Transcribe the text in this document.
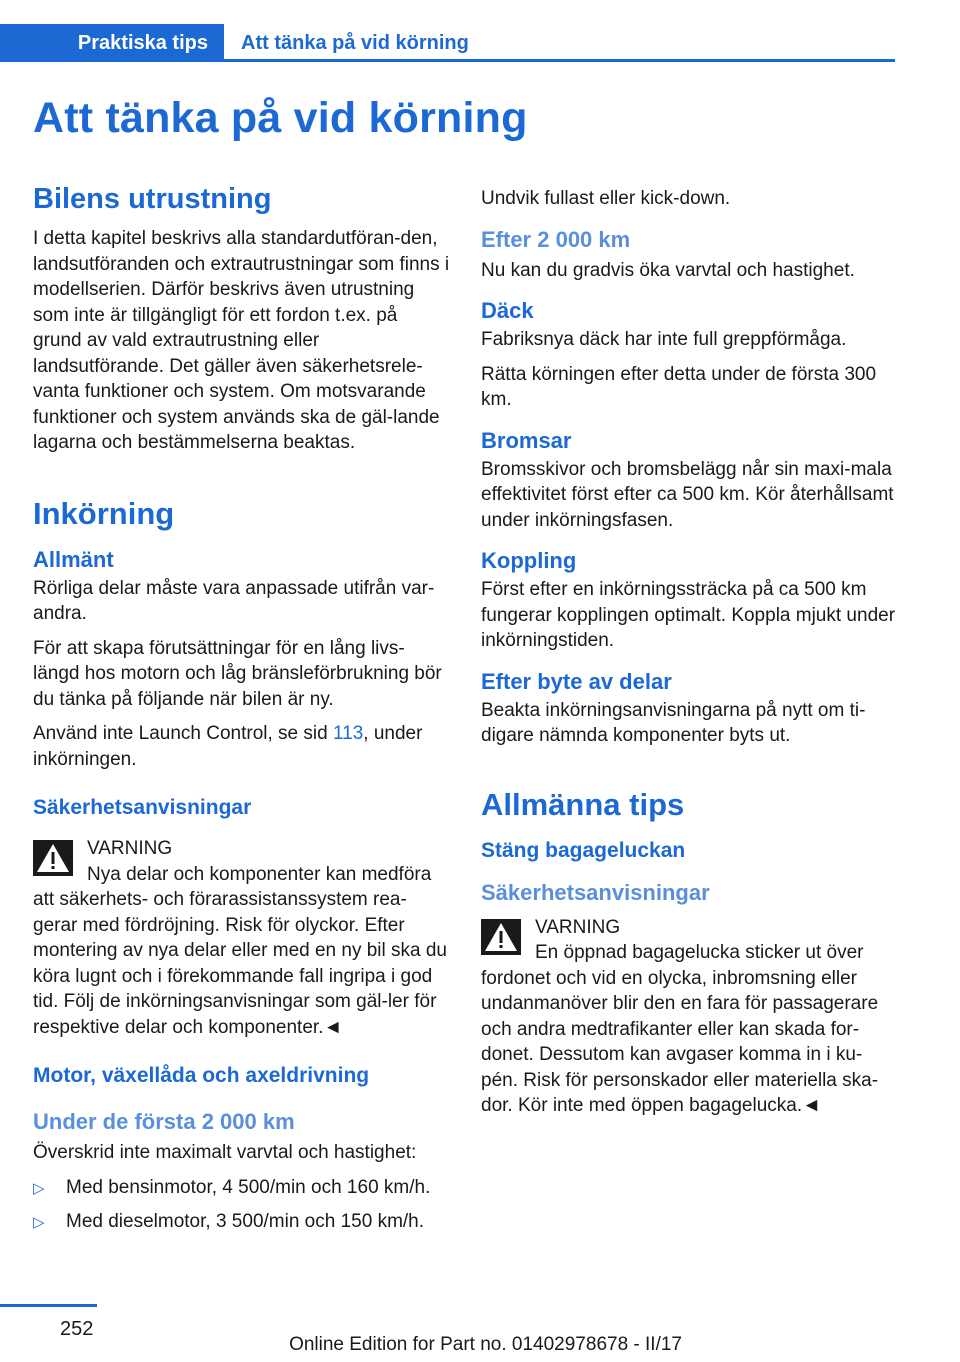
Praktiska tips Att tänka på vid körning
Att tänka på vid körning
Bilens utrustning

I detta kapitel beskrivs alla standardutföran-den, landsutföranden och extrautrustningar som finns i modellserien. Därför beskrivs även utrustning som inte är tillgängligt för ett fordon t.ex. på grund av vald extrautrustning eller landsutförande. Det gäller även säkerhetsrele-vanta funktioner och system. Om motsvarande funktioner och system används ska de gäl-lande lagarna och bestämmelserna beaktas.

Inkörning
Allmänt

Rörliga delar måste vara anpassade utifrån var-andra.

För att skapa förutsättningar för en lång livs-längd hos motorn och låg bränsleförbrukning bör du tänka på följande när bilen är ny.

Använd inte Launch Control, se sid 113, under inkörningen.

Säkerhetsanvisningar

VARNING

Nya delar och komponenter kan medföra att säkerhets- och förarassistanssystem rea-gerar med fördröjning. Risk för olyckor. Efter montering av nya delar eller med en ny bil ska du köra lugnt och i förekommande fall ingripa i god tid. Följ de inkörningsanvisningar som gäl-ler för respektive delar och komponenter.◄

Motor, växellåda och axeldrivning
Under de första 2 000 km

Överskrid inte maximalt varvtal och hastighet:

▷ Med bensinmotor, 4 500/min och 160 km/h.
▷ Med dieselmotor, 3 500/min och 150 km/h.

Undvik fullast eller kick-down.

Efter 2 000 km

Nu kan du gradvis öka varvtal och hastighet.

Däck

Fabriksnya däck har inte full greppförmåga.

Rätta körningen efter detta under de första 300 km.

Bromsar

Bromsskivor och bromsbelägg når sin maxi-mala effektivitet först efter ca 500 km. Kör återhållsamt under inkörningsfasen.

Koppling

Först efter en inkörningssträcka på ca 500 km fungerar kopplingen optimalt. Koppla mjukt under inkörningstiden.

Efter byte av delar

Beakta inkörningsanvisningarna på nytt om ti-digare nämnda komponenter byts ut.

Allmänna tips
Stäng bagageluckan
Säkerhetsanvisningar

VARNING

En öppnad bagagelucka sticker ut över fordonet och vid en olycka, inbromsning eller undanmanöver blir den en fara för passagerare och andra medtrafikanter eller kan skada for-donet. Dessutom kan avgaser komma in i ku-pén. Risk för personskador eller materiella ska-dor. Kör inte med öppen bagagelucka.◄

252
Online Edition for Part no. 01402978678 - II/17
